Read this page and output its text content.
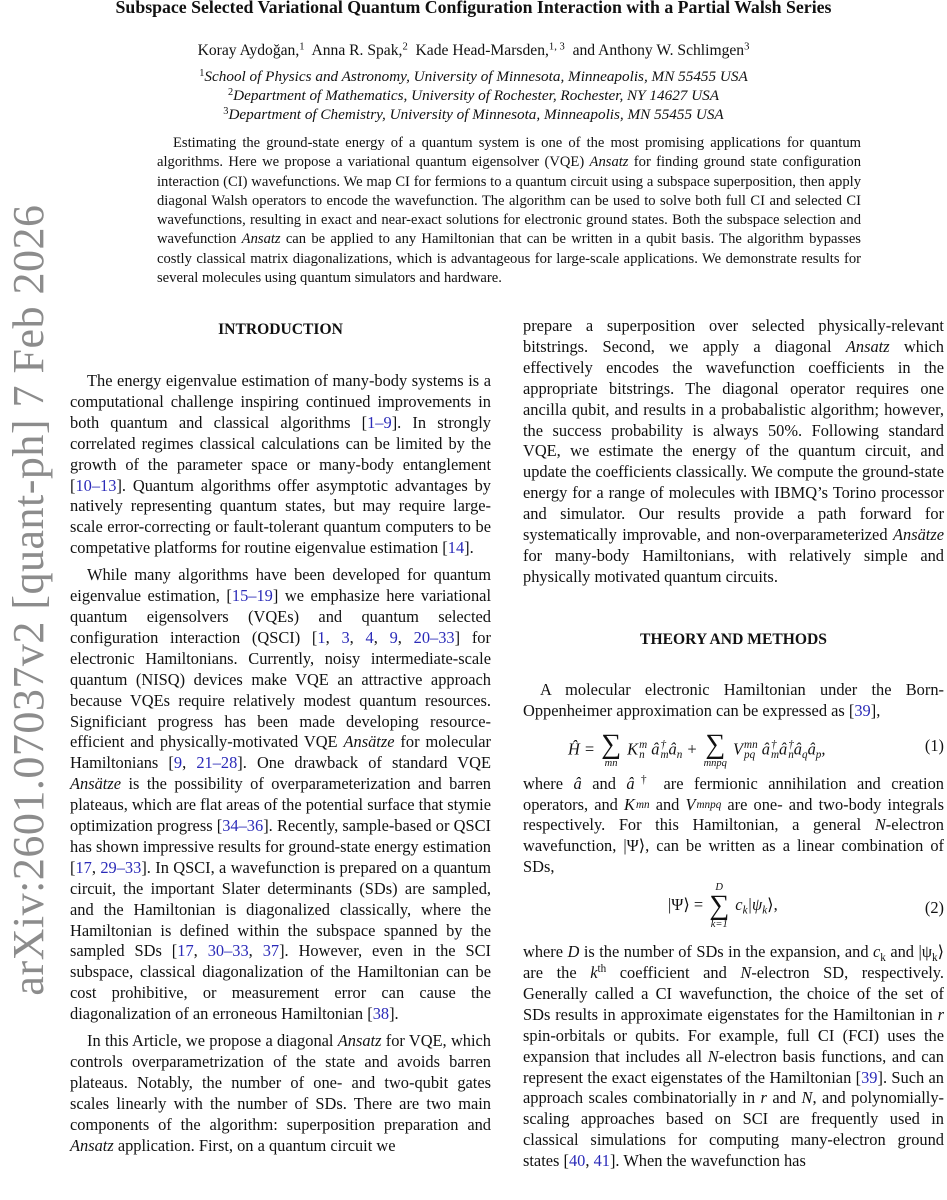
Subspace Selected Variational Quantum Configuration Interaction with a Partial Walsh Series
Koray Aydoğan,$^1$ Anna R. Spak,$^2$ Kade Head-Marsden,$^{1, 3}$ and Anthony W. Schlimgen$^3$
$^1$School of Physics and Astronomy, University of Minnesota, Minneapolis, MN 55455 USA
$^2$Department of Mathematics, University of Rochester, Rochester, NY 14627 USA
$^3$Department of Chemistry, University of Minnesota, Minneapolis, MN 55455 USA

Estimating the ground-state energy of a quantum system is one of the most promising applications for quantum algorithms. Here we propose a variational quantum eigensolver (VQE) Ansatz for finding ground state configuration interaction (CI) wavefunctions. We map CI for fermions to a quantum circuit using a subspace superposition, then apply diagonal Walsh operators to encode the wavefunction. The algorithm can be used to solve both full CI and selected CI wavefunctions, resulting in exact and near-exact solutions for electronic ground states. Both the subspace selection and wavefunction Ansatz can be applied to any Hamiltonian that can be written in a qubit basis. The algorithm bypasses costly classical matrix diagonalizations, which is advantageous for large-scale applications. We demonstrate results for several molecules using quantum simulators and hardware.

arXiv:2601.07037v2 [quant-ph] 7 Feb 2026	INTRODUCTION

The energy eigenvalue estimation of many-body systems is a computational challenge inspiring continued improvements in both quantum and classical algorithms [1–9]. In strongly correlated regimes classical calculations can be limited by the growth of the parameter space or many-body entanglement [10–13]. Quantum algorithms offer asymptotic advantages by natively representing quantum states, but may require large-scale error-correcting or fault-tolerant quantum computers to be competative platforms for routine eigenvalue estimation [14].

While many algorithms have been developed for quantum eigenvalue estimation, [15–19] we emphasize here variational quantum eigensolvers (VQEs) and quantum selected configuration interaction (QSCI) [1, 3, 4, 9, 20–33] for electronic Hamiltonians. Currently, noisy intermediate-scale quantum (NISQ) devices make VQE an attractive approach because VQEs require relatively modest quantum resources. Significiant progress has been made developing resource-efficient and physically-motivated VQE Ansätze for molecular Hamiltonians [9, 21–28]. One drawback of standard VQE Ansätze is the possibility of overparameterization and barren plateaus, which are flat areas of the potential surface that stymie optimization progress [34–36]. Recently, sample-based or QSCI has shown impressive results for ground-state energy estimation [17, 29–33]. In QSCI, a wavefunction is prepared on a quantum circuit, the important Slater determinants (SDs) are sampled, and the Hamiltonian is diagonalized classically, where the Hamiltonian is defined within the subspace spanned by the sampled SDs [17, 30–33, 37]. However, even in the SCI subspace, classical diagonalization of the Hamiltonian can be cost prohibitive, or measurement error can cause the diagonalization of an erroneous Hamiltonian [38].

In this Article, we propose a diagonal Ansatz for VQE, which controls overparametrization of the state and avoids barren plateaus. Notably, the number of one- and two-qubit gates scales linearly with the number of SDs. There are two main components of the algorithm: superposition preparation and Ansatz application. First, on a quantum circuit we

prepare a superposition over selected physically-relevant bitstrings. Second, we apply a diagonal Ansatz which effectively encodes the wavefunction coefficients in the appropriate bitstrings. The diagonal operator requires one ancilla qubit, and results in a probabalistic algorithm; however, the success probability is always 50%. Following standard VQE, we estimate the energy of the quantum circuit, and update the coefficients classically. We compute the ground-state energy for a range of molecules with IBMQ’s Torino processor and simulator. Our results provide a path forward for systematically improvable, and non-overparameterized Ansätze for many-body Hamiltonians, with relatively simple and physically motivated quantum circuits.

THEORY AND METHODS

A molecular electronic Hamiltonian under the Born-Oppenheimer approximation can be expressed as [39],

Ĥ = ∑
mn
K m
n â †
m $â_n$ + ∑
mnpq
V mn
pq â †
m â †
n $â_qâ_p$,	(1)

where â and â† are fermionic annihilation and creation operators, and Kmn and Vmnpq are one- and two-body integrals respectively. For this Hamiltonian, a general N-electron wavefunction, |Ψ⟩, can be written as a linear combination of SDs,

|Ψ⟩ =
D
∑
k=1
$c_k|\psi_k⟩$,	(2)

where D is the number of SDs in the expansion, and $c_k$ and $|\psi_k⟩$ are the $k^{th}$ coefficient and N-electron SD, respectively. Generally called a CI wavefunction, the choice of the set of SDs results in approximate eigenstates for the Hamiltonian in r spin-orbitals or qubits. For example, full CI (FCI) uses the expansion that includes all N-electron basis functions, and can represent the exact eigenstates of the Hamiltonian [39]. Such an approach scales combinatorially in r and N, and polynomially-scaling approaches based on SCI are frequently used in classical simulations for computing many-electron ground states [40, 41]. When the wavefunction has
